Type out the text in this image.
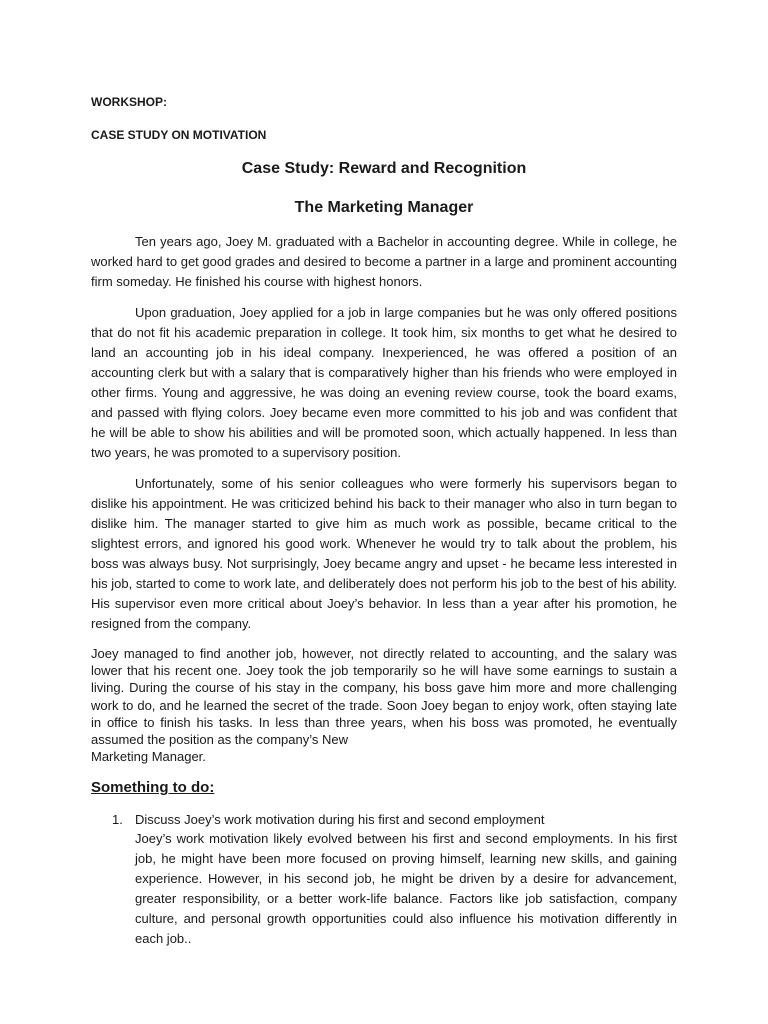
WORKSHOP:

CASE STUDY ON MOTIVATION

Case Study: Reward and Recognition

The Marketing Manager

Ten years ago, Joey M. graduated with a Bachelor in accounting degree. While in college, he worked hard to get good grades and desired to become a partner in a large and prominent accounting firm someday. He finished his course with highest honors.

Upon graduation, Joey applied for a job in large companies but he was only offered positions that do not fit his academic preparation in college. It took him, six months to get what he desired to land an accounting job in his ideal company. Inexperienced, he was offered a position of an accounting clerk but with a salary that is comparatively higher than his friends who were employed in other firms. Young and aggressive, he was doing an evening review course, took the board exams, and passed with flying colors. Joey became even more committed to his job and was confident that he will be able to show his abilities and will be promoted soon, which actually happened. In less than two years, he was promoted to a supervisory position.

Unfortunately, some of his senior colleagues who were formerly his supervisors began to dislike his appointment. He was criticized behind his back to their manager who also in turn began to dislike him. The manager started to give him as much work as possible, became critical to the slightest errors, and ignored his good work. Whenever he would try to talk about the problem, his boss was always busy. Not surprisingly, Joey became angry and upset - he became less interested in his job, started to come to work late, and deliberately does not perform his job to the best of his ability. His supervisor even more critical about Joey’s behavior. In less than a year after his promotion, he resigned from the company.

Joey managed to find another job, however, not directly related to accounting, and the salary was lower that his recent one. Joey took the job temporarily so he will have some earnings to sustain a living. During the course of his stay in the company, his boss gave him more and more challenging work to do, and he learned the secret of the trade. Soon Joey began to enjoy work, often staying late in office to finish his tasks. In less than three years, when his boss was promoted, he eventually assumed the position as the company’s New
Marketing Manager.

Something to do:

1. Discuss Joey’s work motivation during his first and second employment

Joey’s work motivation likely evolved between his first and second employments. In his first job, he might have been more focused on proving himself, learning new skills, and gaining experience. However, in his second job, he might be driven by a desire for advancement, greater responsibility, or a better work-life balance. Factors like job satisfaction, company culture, and personal growth opportunities could also influence his motivation differently in each job..
